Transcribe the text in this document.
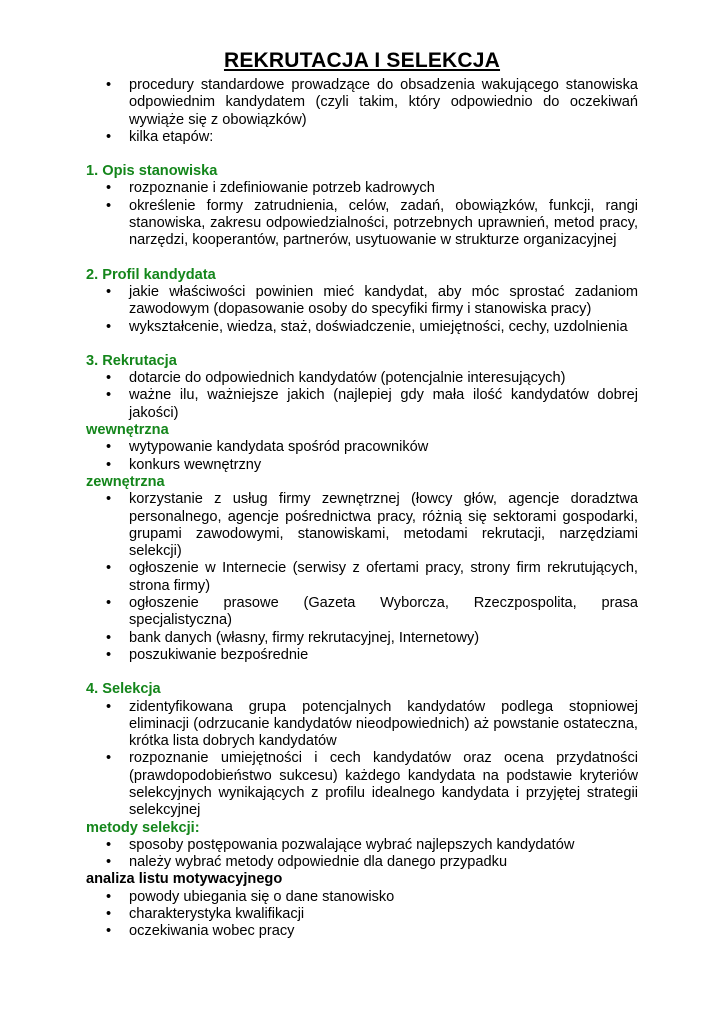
REKRUTACJA I SELEKCJA
• procedury standardowe prowadzące do obsadzenia wakującego stanowiska odpowiednim kandydatem (czyli takim, który odpowiednio do oczekiwań wywiąże się z obowiązków)
• kilka etapów:

1. Opis stanowiska

• rozpoznanie i zdefiniowanie potrzeb kadrowych
• określenie formy zatrudnienia, celów, zadań, obowiązków, funkcji, rangi stanowiska, zakresu odpowiedzialności, potrzebnych uprawnień, metod pracy, narzędzi, kooperantów, partnerów, usytuowanie w strukturze organizacyjnej

2. Profil kandydata

• jakie właściwości powinien mieć kandydat, aby móc sprostać zadaniom zawodowym (dopasowanie osoby do specyfiki firmy i stanowiska pracy)
• wykształcenie, wiedza, staż, doświadczenie, umiejętności, cechy, uzdolnienia

3. Rekrutacja

• dotarcie do odpowiednich kandydatów (potencjalnie interesujących)
• ważne ilu, ważniejsze jakich (najlepiej gdy mała ilość kandydatów dobrej jakości)

wewnętrzna

• wytypowanie kandydata spośród pracowników
• konkurs wewnętrzny

zewnętrzna

• korzystanie z usług firmy zewnętrznej (łowcy głów, agencje doradztwa personalnego, agencje pośrednictwa pracy, różnią się sektorami gospodarki, grupami zawodowymi, stanowiskami, metodami rekrutacji, narzędziami selekcji)
• ogłoszenie w Internecie (serwisy z ofertami pracy, strony firm rekrutujących, strona firmy)
• ogłoszenie prasowe (Gazeta Wyborcza, Rzeczpospolita, prasa specjalistyczna)
• bank danych (własny, firmy rekrutacyjnej, Internetowy)
• poszukiwanie bezpośrednie

4. Selekcja

• zidentyfikowana grupa potencjalnych kandydatów podlega stopniowej eliminacji (odrzucanie kandydatów nieodpowiednich) aż powstanie ostateczna, krótka lista dobrych kandydatów
• rozpoznanie umiejętności i cech kandydatów oraz ocena przydatności (prawdopodobieństwo sukcesu) każdego kandydata na podstawie kryteriów selekcyjnych wynikających z profilu idealnego kandydata i przyjętej strategii selekcyjnej

metody selekcji:

• sposoby postępowania pozwalające wybrać najlepszych kandydatów
• należy wybrać metody odpowiednie dla danego przypadku

analiza listu motywacyjnego

• powody ubiegania się o dane stanowisko
• charakterystyka kwalifikacji
• oczekiwania wobec pracy
